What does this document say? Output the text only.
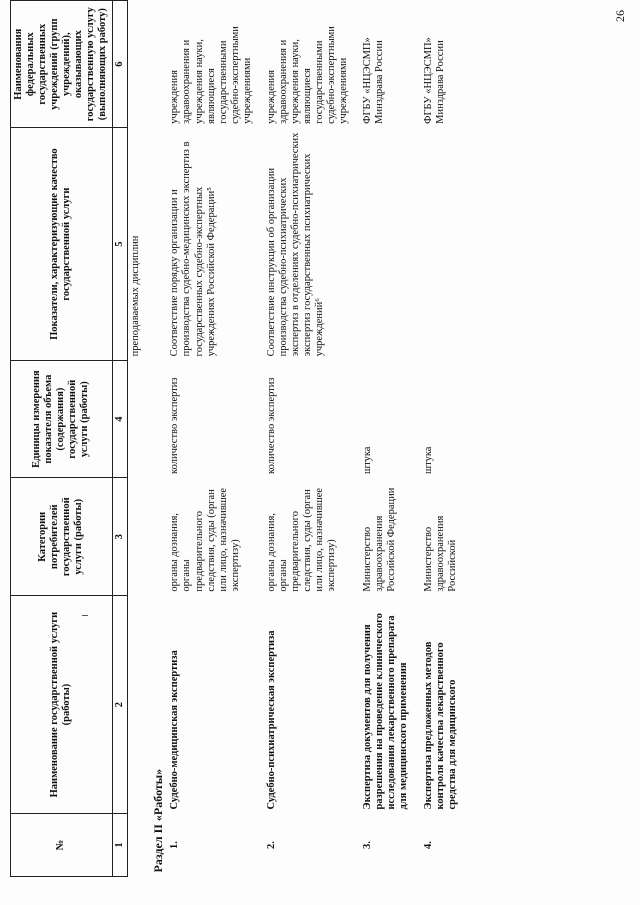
№	Наименование государственной услуги (работы)	Категории потребителей государственной услуги (работы)	Единицы измерения показателя объема (содержания) государственной услуги (работы)	Показатели, характеризующие качество государственной услуги	Наименования федеральных государственных учреждений (групп учреждений), оказывающих государственную услугу (выполняющих работу)
1	2	3	4	5	6
				преподаваемых дисциплин	
Раздел II «Работы»					
1.	Судебно-медицинская экспертиза	органы дознания, органы предварительного следствия, суды (орган или лицо, назначившее экспертизу)	количество экспертиз	Соответствие порядку организации и производства судебно-медицинских экспертиз в государственных судебно-экспертных учреждениях Российской Федерации⁵	учреждения здравоохранения и учреждения науки, являющиеся государственными судебно-экспертными учреждениями
2.	Судебно-психиатрическая экспертиза	органы дознания, органы предварительного следствия, суды (орган или лицо, назначившее экспертизу)	количество экспертиз	Соответствие инструкции об организации производства судебно-психиатрических экспертиз в отделениях судебно-психиатрических экспертиз государственных психиатрических учреждений⁶	учреждения здравоохранения и учреждения науки, являющиеся государственными судебно-экспертными учреждениями
3.	Экспертиза документов для получения разрешения на проведение клинического исследования лекарственного препарата для медицинского применения	Министерство здравоохранения Российской Федерации	штука		ФГБУ «НЦЭСМП» Минздрава России
4.	Экспертиза предложенных методов контроля качества лекарственного средства для медицинского	Министерство здравоохранения Российской	штука		ФГБУ «НЦЭСМП» Минздрава России
26
